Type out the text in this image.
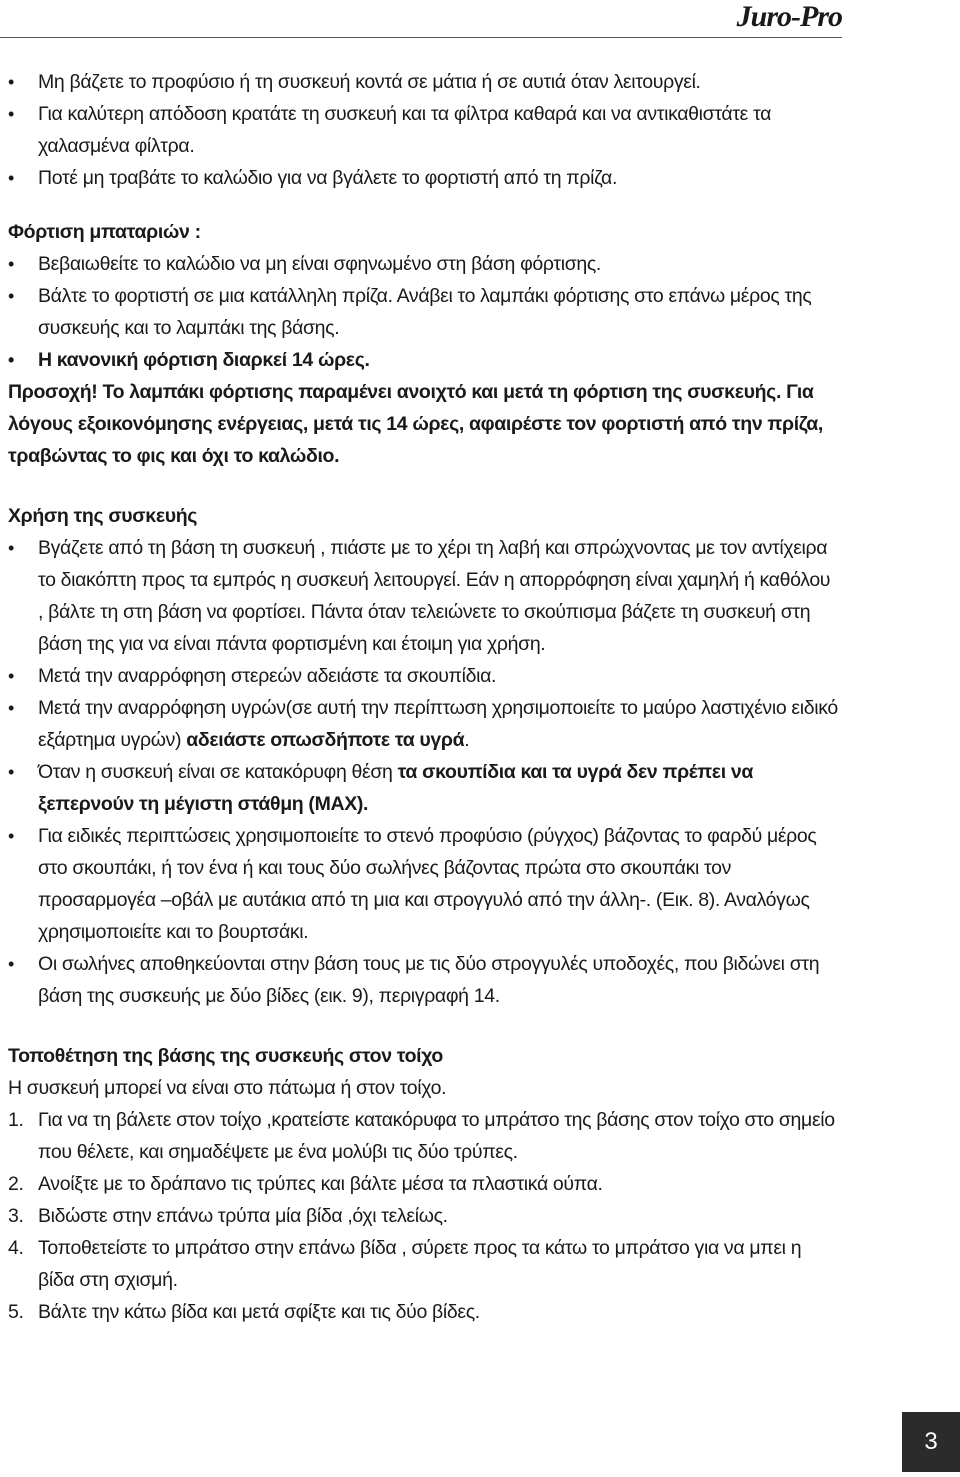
Juro-Pro
• Μη βάζετε το προφύσιο ή τη συσκευή κοντά σε μάτια ή σε αυτιά όταν λειτουργεί.
• Για καλύτερη απόδοση κρατάτε τη συσκευή και τα φίλτρα καθαρά και να αντικαθιστάτε τα χαλασμένα φίλτρα.
• Ποτέ μη τραβάτε το καλώδιο για να βγάλετε το φορτιστή από τη πρίζα.

Φόρτιση μπαταριών :

• Βεβαιωθείτε το καλώδιο να μη είναι σφηνωμένο στη βάση φόρτισης.
• Βάλτε το φορτιστή σε μια κατάλληλη πρίζα. Ανάβει το λαμπάκι φόρτισης στο επάνω μέρος της συσκευής και το λαμπάκι της βάσης.
• Η κανονική φόρτιση διαρκεί 14 ώρες.

Προσοχή! Το λαμπάκι φόρτισης παραμένει ανοιχτό και μετά τη φόρτιση της συσκευής. Για λόγους εξοικονόμησης ενέργειας, μετά τις 14 ώρες, αφαιρέστε τον φορτιστή από την πρίζα, τραβώντας το φις και όχι το καλώδιο.

Χρήση της συσκευής

• Βγάζετε από τη βάση τη συσκευή , πιάστε με το χέρι τη λαβή και σπρώχνοντας με τον αντίχειρα το διακόπτη προς τα εμπρός η συσκευή λειτουργεί. Εάν η απορρόφηση είναι χαμηλή ή καθόλου , βάλτε τη στη βάση να φορτίσει. Πάντα όταν τελειώνετε το σκούπισμα βάζετε τη συσκευή στη βάση της για να είναι πάντα φορτισμένη και έτοιμη για χρήση.
• Μετά την αναρρόφηση στερεών αδειάστε τα σκουπίδια.
• Μετά την αναρρόφηση υγρών(σε αυτή την περίπτωση χρησιμοποιείτε το μαύρο λαστιχένιο ειδικό εξάρτημα υγρών) αδειάστε οπωσδήποτε τα υγρά.
• Όταν η συσκευή είναι σε κατακόρυφη θέση τα σκουπίδια και τα υγρά δεν πρέπει να ξεπερνούν τη μέγιστη στάθμη (MAX).
• Για ειδικές περιπτώσεις χρησιμοποιείτε το στενό προφύσιο (ρύγχος) βάζοντας το φαρδύ μέρος στο σκουπάκι, ή τον ένα ή και τους δύο σωλήνες βάζοντας πρώτα στο σκουπάκι τον προσαρμογέα –οβάλ με αυτάκια από τη μια και στρογγυλό από την άλλη-. (Εικ. 8). Αναλόγως χρησιμοποιείτε και το βουρτσάκι.
• Οι σωλήνες αποθηκεύονται στην βάση τους με τις δύο στρογγυλές υποδοχές, που βιδώνει στη βάση της συσκευής με δύο βίδες (εικ. 9), περιγραφή 14.

Τοποθέτηση της βάσης της συσκευής στον τοίχο

Η συσκευή μπορεί να είναι στο πάτωμα ή στον τοίχο.

1. Για να τη βάλετε στον τοίχο ,κρατείστε κατακόρυφα το μπράτσο της βάσης στον τοίχο στο σημείο που θέλετε, και σημαδέψετε με ένα μολύβι τις δύο τρύπες.
2. Ανοίξτε με το δράπανο τις τρύπες και βάλτε μέσα τα πλαστικά ούπα.
3. Βιδώστε στην επάνω τρύπα μία βίδα ,όχι τελείως.
4. Τοποθετείστε το μπράτσο στην επάνω βίδα , σύρετε προς τα κάτω το μπράτσο για να μπει η βίδα στη σχισμή.
5. Βάλτε την κάτω βίδα και μετά σφίξτε και τις δύο βίδες.
3
